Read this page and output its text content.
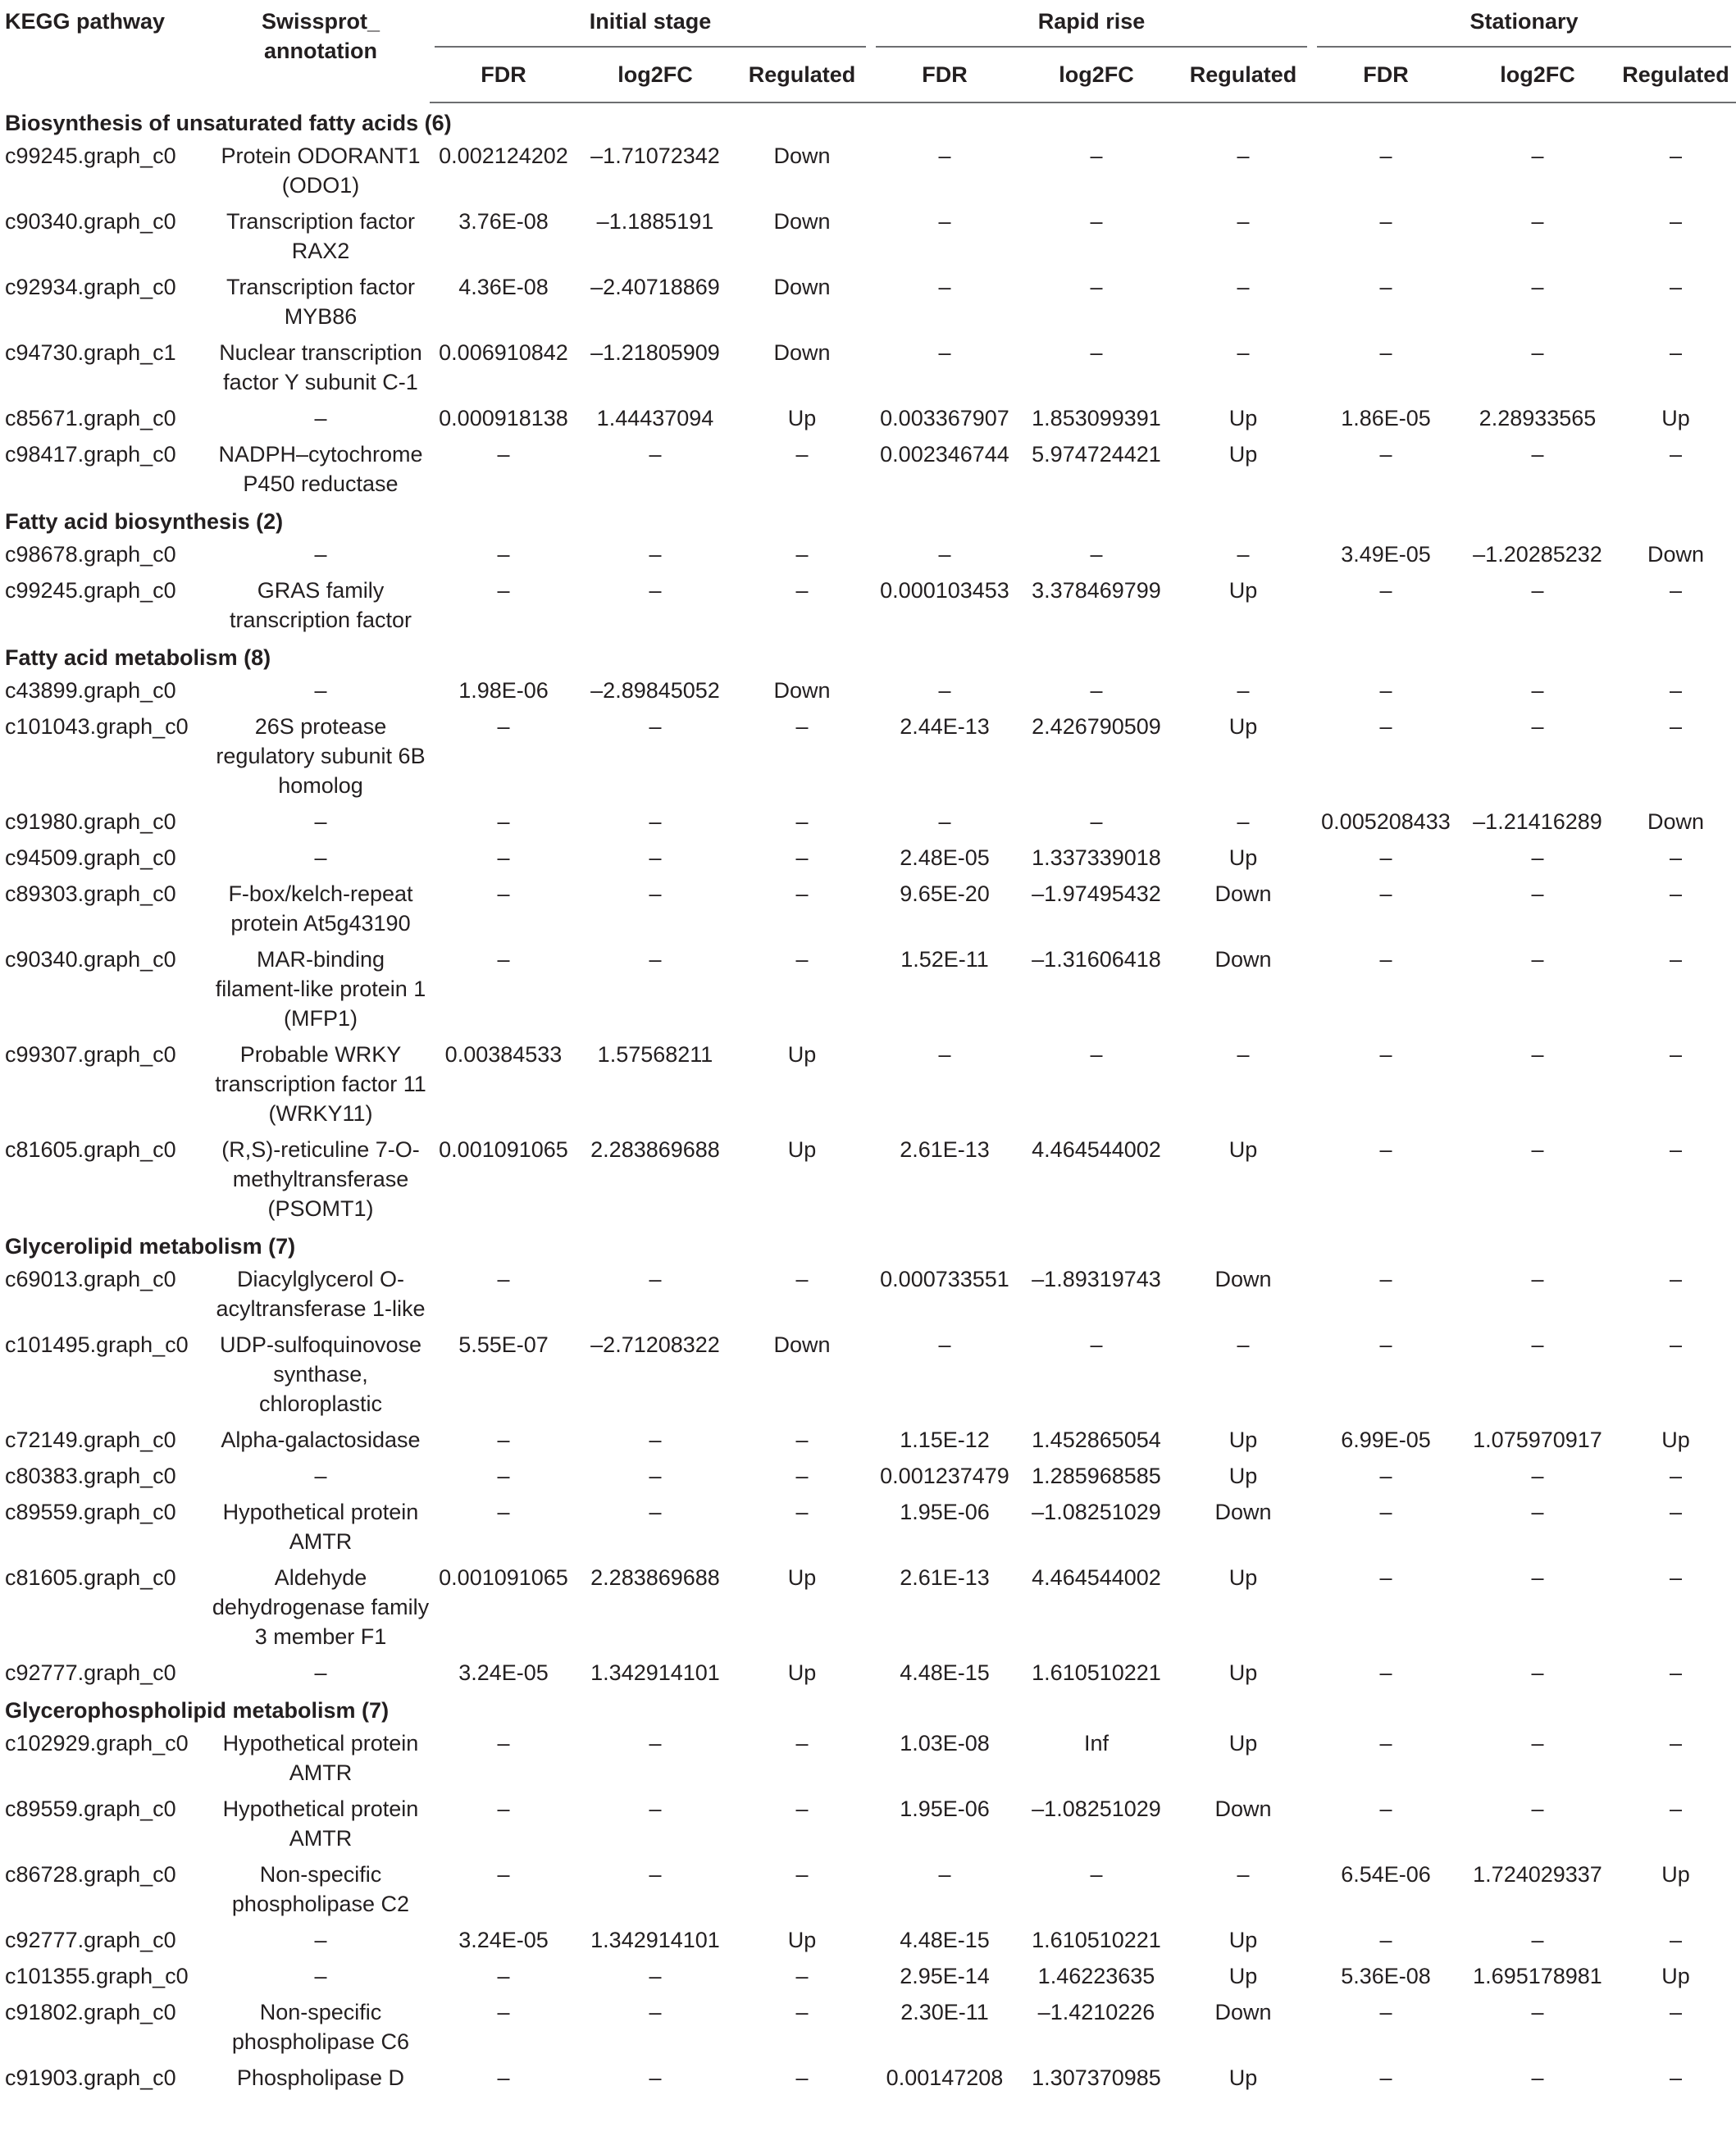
KEGG pathway	Swissprot_ annotation	Initial stage			Rapid rise			Stationary		

		FDR	log2FC	Regulated	FDR	log2FC	Regulated	FDR	log2FC	Regulated
Biosynthesis of unsaturated fatty acids (6)										
c99245.graph_c0	Protein ODORANT1 (ODO1)	0.002124202	–1.71072342	Down	–	–	–	–	–	–
c90340.graph_c0	Transcription factor RAX2	3.76E-08	–1.1885191	Down	–	–	–	–	–	–
c92934.graph_c0	Transcription factor MYB86	4.36E-08	–2.40718869	Down	–	–	–	–	–	–
c94730.graph_c1	Nuclear transcription factor Y subunit C-1	0.006910842	–1.21805909	Down	–	–	–	–	–	–
c85671.graph_c0	–	0.000918138	1.44437094	Up	0.003367907	1.853099391	Up	1.86E-05	2.28933565	Up
c98417.graph_c0	NADPH–cytochrome P450 reductase	–	–	–	0.002346744	5.974724421	Up	–	–	–
Fatty acid biosynthesis (2)										
c98678.graph_c0	–	–	–	–	–	–	–	3.49E-05	–1.20285232	Down
c99245.graph_c0	GRAS family transcription factor	–	–	–	0.000103453	3.378469799	Up	–	–	–
Fatty acid metabolism (8)										
c43899.graph_c0	–	1.98E-06	–2.89845052	Down	–	–	–	–	–	–
c101043.graph_c0	26S protease regulatory subunit 6B homolog	–	–	–	2.44E-13	2.426790509	Up	–	–	–
c91980.graph_c0	–	–	–	–	–	–	–	0.005208433	–1.21416289	Down
c94509.graph_c0	–	–	–	–	2.48E-05	1.337339018	Up	–	–	–
c89303.graph_c0	F-box/kelch-repeat protein At5g43190	–	–	–	9.65E-20	–1.97495432	Down	–	–	–
c90340.graph_c0	MAR-binding filament-like protein 1 (MFP1)	–	–	–	1.52E-11	–1.31606418	Down	–	–	–
c99307.graph_c0	Probable WRKY transcription factor 11 (WRKY11)	0.00384533	1.57568211	Up	–	–	–	–	–	–
c81605.graph_c0	(R,S)-reticuline 7-O-methyltransferase (PSOMT1)	0.001091065	2.283869688	Up	2.61E-13	4.464544002	Up	–	–	–
Glycerolipid metabolism (7)										
c69013.graph_c0	Diacylglycerol O-acyltransferase 1-like	–	–	–	0.000733551	–1.89319743	Down	–	–	–
c101495.graph_c0	UDP-sulfoquinovose synthase, chloroplastic	5.55E-07	–2.71208322	Down	–	–	–	–	–	–
c72149.graph_c0	Alpha-galactosidase	–	–	–	1.15E-12	1.452865054	Up	6.99E-05	1.075970917	Up
c80383.graph_c0	–	–	–	–	0.001237479	1.285968585	Up	–	–	–
c89559.graph_c0	Hypothetical protein AMTR	–	–	–	1.95E-06	–1.08251029	Down	–	–	–
c81605.graph_c0	Aldehyde dehydrogenase family 3 member F1	0.001091065	2.283869688	Up	2.61E-13	4.464544002	Up	–	–	–
c92777.graph_c0	–	3.24E-05	1.342914101	Up	4.48E-15	1.610510221	Up	–	–	–
Glycerophospholipid metabolism (7)										
c102929.graph_c0	Hypothetical protein AMTR	–	–	–	1.03E-08	Inf	Up	–	–	–
c89559.graph_c0	Hypothetical protein AMTR	–	–	–	1.95E-06	–1.08251029	Down	–	–	–
c86728.graph_c0	Non-specific phospholipase C2	–	–	–	–	–	–	6.54E-06	1.724029337	Up
c92777.graph_c0	–	3.24E-05	1.342914101	Up	4.48E-15	1.610510221	Up	–	–	–
c101355.graph_c0	–	–	–	–	2.95E-14	1.46223635	Up	5.36E-08	1.695178981	Up
c91802.graph_c0	Non-specific phospholipase C6	–	–	–	2.30E-11	–1.4210226	Down	–	–	–
c91903.graph_c0	Phospholipase D	–	–	–	0.00147208	1.307370985	Up	–	–	–
